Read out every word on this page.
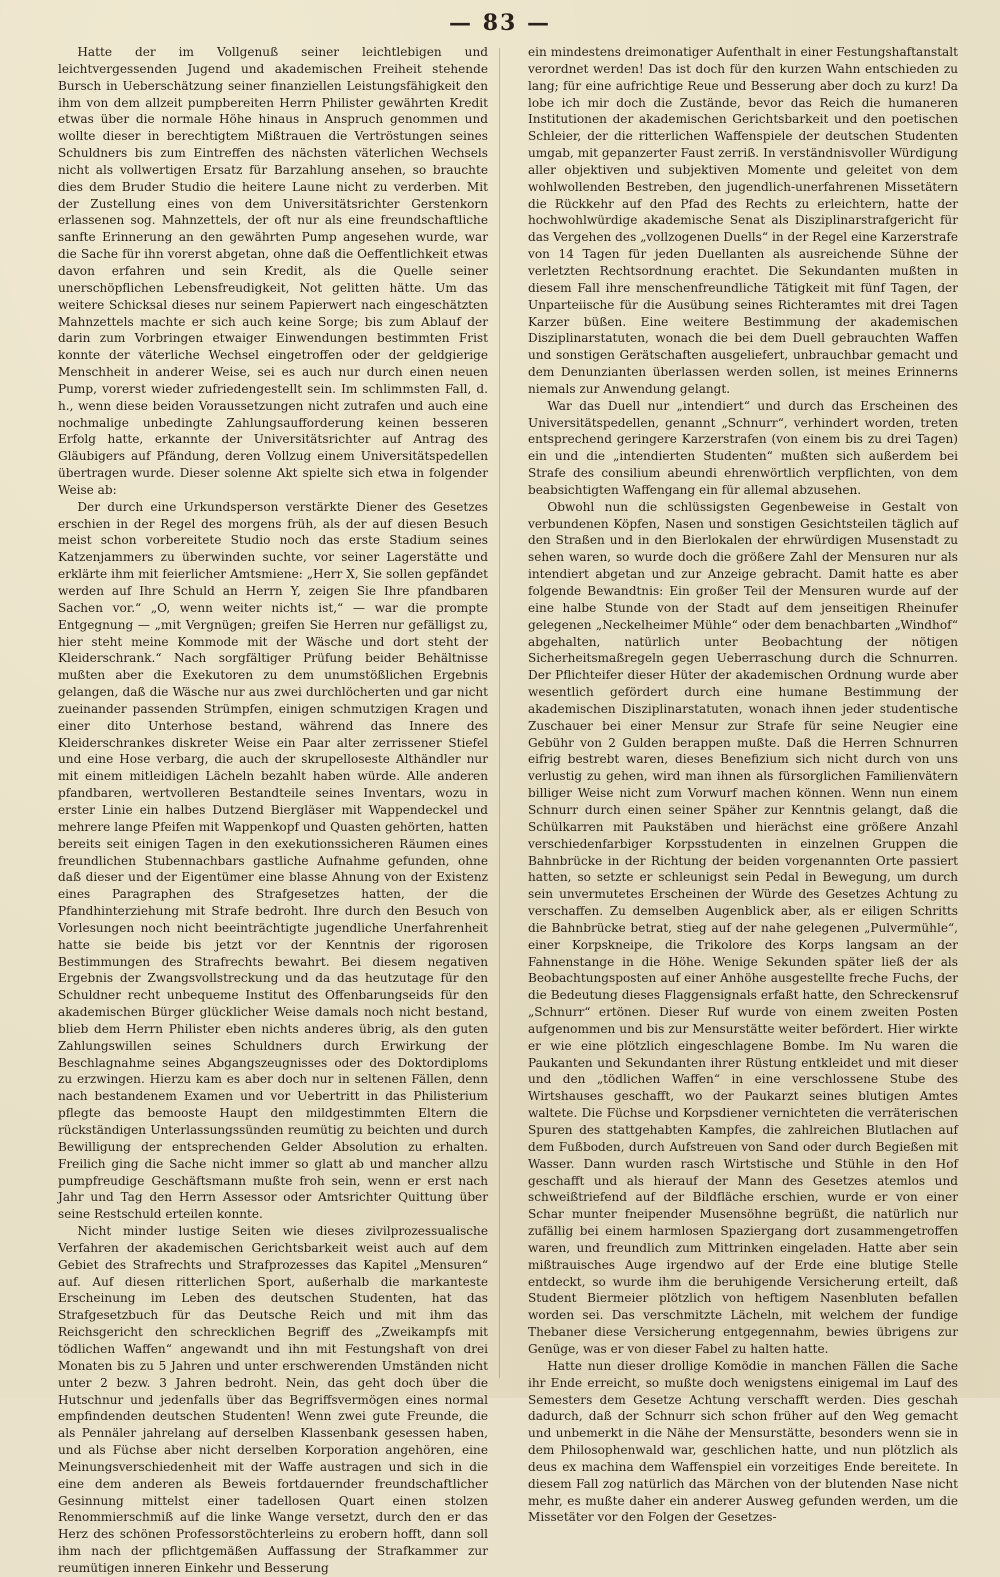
— 83 —

Hatte der im Vollgenuß seiner leichtlebigen und leichtvergessenden Jugend und akademischen Freiheit stehende Bursch in Ueberschätzung seiner finanziellen Leistungsfähigkeit den ihm von dem allzeit pumpbereiten Herrn Philister gewährten Kredit etwas über die normale Höhe hinaus in Anspruch genommen und wollte dieser in berechtigtem Mißtrauen die Vertröstungen seines Schuldners bis zum Eintreffen des nächsten väterlichen Wechsels nicht als vollwertigen Ersatz für Barzahlung ansehen, so brauchte dies dem Bruder Studio die heitere Laune nicht zu verderben. Mit der Zustellung eines von dem Universitätsrichter Gerstenkorn erlassenen sog. Mahnzettels, der oft nur als eine freundschaftliche sanfte Erinnerung an den gewährten Pump angesehen wurde, war die Sache für ihn vorerst abgetan, ohne daß die Oeffentlichkeit etwas davon erfahren und sein Kredit, als die Quelle seiner unerschöpflichen Lebensfreudigkeit, Not gelitten hätte. Um das weitere Schicksal dieses nur seinem Papierwert nach eingeschätzten Mahnzettels machte er sich auch keine Sorge; bis zum Ablauf der darin zum Vorbringen etwaiger Einwendungen bestimmten Frist konnte der väterliche Wechsel eingetroffen oder der geldgierige Menschheit in anderer Weise, sei es auch nur durch einen neuen Pump, vorerst wieder zufriedengestellt sein. Im schlimmsten Fall, d. h., wenn diese beiden Voraussetzungen nicht zutrafen und auch eine nochmalige unbedingte Zahlungsaufforderung keinen besseren Erfolg hatte, erkannte der Universitätsrichter auf Antrag des Gläubigers auf Pfändung, deren Vollzug einem Universitätspedellen übertragen wurde. Dieser solenne Akt spielte sich etwa in folgender Weise ab:

Der durch eine Urkundsperson verstärkte Diener des Gesetzes erschien in der Regel des morgens früh, als der auf diesen Besuch meist schon vorbereitete Studio noch das erste Stadium seines Katzenjammers zu überwinden suchte, vor seiner Lagerstätte und erklärte ihm mit feierlicher Amtsmiene: „Herr X, Sie sollen gepfändet werden auf Ihre Schuld an Herrn Y, zeigen Sie Ihre pfandbaren Sachen vor.“ „O, wenn weiter nichts ist,“ — war die prompte Entgegnung — „mit Vergnügen; greifen Sie Herren nur gefälligst zu, hier steht meine Kommode mit der Wäsche und dort steht der Kleiderschrank.“ Nach sorgfältiger Prüfung beider Behältnisse mußten aber die Exekutoren zu dem unumstößlichen Ergebnis gelangen, daß die Wäsche nur aus zwei durchlöcherten und gar nicht zueinander passenden Strümpfen, einigen schmutzigen Kragen und einer dito Unterhose bestand, während das Innere des Kleiderschrankes diskreter Weise ein Paar alter zerrissener Stiefel und eine Hose verbarg, die auch der skrupelloseste Althändler nur mit einem mitleidigen Lächeln bezahlt haben würde. Alle anderen pfandbaren, wertvolleren Bestandteile seines Inventars, wozu in erster Linie ein halbes Dutzend Biergläser mit Wappendeckel und mehrere lange Pfeifen mit Wappenkopf und Quasten gehörten, hatten bereits seit einigen Tagen in den exekutionssicheren Räumen eines freundlichen Stubennachbars gastliche Aufnahme gefunden, ohne daß dieser und der Eigentümer eine blasse Ahnung von der Existenz eines Paragraphen des Strafgesetzes hatten, der die Pfandhinterziehung mit Strafe bedroht. Ihre durch den Besuch von Vorlesungen noch nicht beeinträchtigte jugendliche Unerfahrenheit hatte sie beide bis jetzt vor der Kenntnis der rigorosen Bestimmungen des Strafrechts bewahrt. Bei diesem negativen Ergebnis der Zwangsvollstreckung und da das heutzutage für den Schuldner recht unbequeme Institut des Offenbarungseids für den akademischen Bürger glücklicher Weise damals noch nicht bestand, blieb dem Herrn Philister eben nichts anderes übrig, als den guten Zahlungswillen seines Schuldners durch Erwirkung der Beschlagnahme seines Abgangszeugnisses oder des Doktordiploms zu erzwingen. Hierzu kam es aber doch nur in seltenen Fällen, denn nach bestandenem Examen und vor Uebertritt in das Philisterium pflegte das bemooste Haupt den mildgestimmten Eltern die rückständigen Unterlassungssünden reumütig zu beichten und durch Bewilligung der entsprechenden Gelder Absolution zu erhalten. Freilich ging die Sache nicht immer so glatt ab und mancher allzu pumpfreudige Geschäftsmann mußte froh sein, wenn er erst nach Jahr und Tag den Herrn Assessor oder Amtsrichter Quittung über seine Restschuld erteilen konnte.

Nicht minder lustige Seiten wie dieses zivilprozessualische Verfahren der akademischen Gerichtsbarkeit weist auch auf dem Gebiet des Strafrechts und Strafprozesses das Kapitel „Mensuren“ auf. Auf diesen ritterlichen Sport, außerhalb die markanteste Erscheinung im Leben des deutschen Studenten, hat das Strafgesetzbuch für das Deutsche Reich und mit ihm das Reichsgericht den schrecklichen Begriff des „Zweikampfs mit tödlichen Waffen“ angewandt und ihn mit Festungshaft von drei Monaten bis zu 5 Jahren und unter erschwerenden Umständen nicht unter 2 bezw. 3 Jahren bedroht. Nein, das geht doch über die Hutschnur und jedenfalls über das Begriffsvermögen eines normal empfindenden deutschen Studenten! Wenn zwei gute Freunde, die als Pennäler jahrelang auf derselben Klassenbank gesessen haben, und als Füchse aber nicht derselben Korporation angehören, eine Meinungsverschiedenheit mit der Waffe austragen und sich in die eine dem anderen als Beweis fortdauernder freundschaftlicher Gesinnung mittelst einer tadellosen Quart einen stolzen Renommierschmiß auf die linke Wange versetzt, durch den er das Herz des schönen Professorstöchterleins zu erobern hofft, dann soll ihm nach der pflichtgemäßen Auffassung der Strafkammer zur reumütigen inneren Einkehr und Besserung

ein mindestens dreimonatiger Aufenthalt in einer Festungshaftanstalt verordnet werden! Das ist doch für den kurzen Wahn entschieden zu lang; für eine aufrichtige Reue und Besserung aber doch zu kurz! Da lobe ich mir doch die Zustände, bevor das Reich die humaneren Institutionen der akademischen Gerichtsbarkeit und den poetischen Schleier, der die ritterlichen Waffenspiele der deutschen Studenten umgab, mit gepanzerter Faust zerriß. In verständnisvoller Würdigung aller objektiven und subjektiven Momente und geleitet von dem wohlwollenden Bestreben, den jugendlich-unerfahrenen Missetätern die Rückkehr auf den Pfad des Rechts zu erleichtern, hatte der hochwohlwürdige akademische Senat als Disziplinarstrafgericht für das Vergehen des „vollzogenen Duells“ in der Regel eine Karzerstrafe von 14 Tagen für jeden Duellanten als ausreichende Sühne der verletzten Rechtsordnung erachtet. Die Sekundanten mußten in diesem Fall ihre menschenfreundliche Tätigkeit mit fünf Tagen, der Unparteiische für die Ausübung seines Richteramtes mit drei Tagen Karzer büßen. Eine weitere Bestimmung der akademischen Disziplinarstatuten, wonach die bei dem Duell gebrauchten Waffen und sonstigen Gerätschaften ausgeliefert, unbrauchbar gemacht und dem Denunzianten überlassen werden sollen, ist meines Erinnerns niemals zur Anwendung gelangt.

War das Duell nur „intendiert“ und durch das Erscheinen des Universitätspedellen, genannt „Schnurr“, verhindert worden, treten entsprechend geringere Karzerstrafen (von einem bis zu drei Tagen) ein und die „intendierten Studenten“ mußten sich außerdem bei Strafe des consilium abeundi ehrenwörtlich verpflichten, von dem beabsichtigten Waffengang ein für allemal abzusehen.

Obwohl nun die schlüssigsten Gegenbeweise in Gestalt von verbundenen Köpfen, Nasen und sonstigen Gesichtsteilen täglich auf den Straßen und in den Bierlokalen der ehrwürdigen Musenstadt zu sehen waren, so wurde doch die größere Zahl der Mensuren nur als intendiert abgetan und zur Anzeige gebracht. Damit hatte es aber folgende Bewandtnis: Ein großer Teil der Mensuren wurde auf der eine halbe Stunde von der Stadt auf dem jenseitigen Rheinufer gelegenen „Neckelheimer Mühle“ oder dem benachbarten „Windhof“ abgehalten, natürlich unter Beobachtung der nötigen Sicherheitsmaßregeln gegen Ueberraschung durch die Schnurren. Der Pflichteifer dieser Hüter der akademischen Ordnung wurde aber wesentlich gefördert durch eine humane Bestimmung der akademischen Disziplinarstatuten, wonach ihnen jeder studentische Zuschauer bei einer Mensur zur Strafe für seine Neugier eine Gebühr von 2 Gulden berappen mußte. Daß die Herren Schnurren eifrig bestrebt waren, dieses Benefizium sich nicht durch von uns verlustig zu gehen, wird man ihnen als fürsorglichen Familienvätern billiger Weise nicht zum Vorwurf machen können. Wenn nun einem Schnurr durch einen seiner Späher zur Kenntnis gelangt, daß die Schülkarren mit Paukstäben und hierächst eine größere Anzahl verschiedenfarbiger Korpsstudenten in einzelnen Gruppen die Bahnbrücke in der Richtung der beiden vorgenannten Orte passiert hatten, so setzte er schleunigst sein Pedal in Bewegung, um durch sein unvermutetes Erscheinen der Würde des Gesetzes Achtung zu verschaffen. Zu demselben Augenblick aber, als er eiligen Schritts die Bahnbrücke betrat, stieg auf der nahe gelegenen „Pulvermühle“, einer Korpskneipe, die Trikolore des Korps langsam an der Fahnenstange in die Höhe. Wenige Sekunden später ließ der als Beobachtungsposten auf einer Anhöhe ausgestellte freche Fuchs, der die Bedeutung dieses Flaggensignals erfaßt hatte, den Schreckensruf „Schnurr“ ertönen. Dieser Ruf wurde von einem zweiten Posten aufgenommen und bis zur Mensurstätte weiter befördert. Hier wirkte er wie eine plötzlich eingeschlagene Bombe. Im Nu waren die Paukanten und Sekundanten ihrer Rüstung entkleidet und mit dieser und den „tödlichen Waffen“ in eine verschlossene Stube des Wirtshauses geschafft, wo der Paukarzt seines blutigen Amtes waltete. Die Füchse und Korpsdiener vernichteten die verräterischen Spuren des stattgehabten Kampfes, die zahlreichen Blutlachen auf dem Fußboden, durch Aufstreuen von Sand oder durch Begießen mit Wasser. Dann wurden rasch Wirtstische und Stühle in den Hof geschafft und als hierauf der Mann des Gesetzes atemlos und schweißtriefend auf der Bildfläche erschien, wurde er von einer Schar munter fneipender Musensöhne begrüßt, die natürlich nur zufällig bei einem harmlosen Spaziergang dort zusammengetroffen waren, und freundlich zum Mittrinken eingeladen. Hatte aber sein mißtrauisches Auge irgendwo auf der Erde eine blutige Stelle entdeckt, so wurde ihm die beruhigende Versicherung erteilt, daß Student Biermeier plötzlich von heftigem Nasenbluten befallen worden sei. Das verschmitzte Lächeln, mit welchem der fundige Thebaner diese Versicherung entgegennahm, bewies übrigens zur Genüge, was er von dieser Fabel zu halten hatte.

Hatte nun dieser drollige Komödie in manchen Fällen die Sache ihr Ende erreicht, so mußte doch wenigstens einigemal im Lauf des Semesters dem Gesetze Achtung verschafft werden. Dies geschah dadurch, daß der Schnurr sich schon früher auf den Weg gemacht und unbemerkt in die Nähe der Mensurstätte, besonders wenn sie in dem Philosophenwald war, geschlichen hatte, und nun plötzlich als deus ex machina dem Waffenspiel ein vorzeitiges Ende bereitete. In diesem Fall zog natürlich das Märchen von der blutenden Nase nicht mehr, es mußte daher ein anderer Ausweg gefunden werden, um die Missetäter vor den Folgen der Gesetzes-
